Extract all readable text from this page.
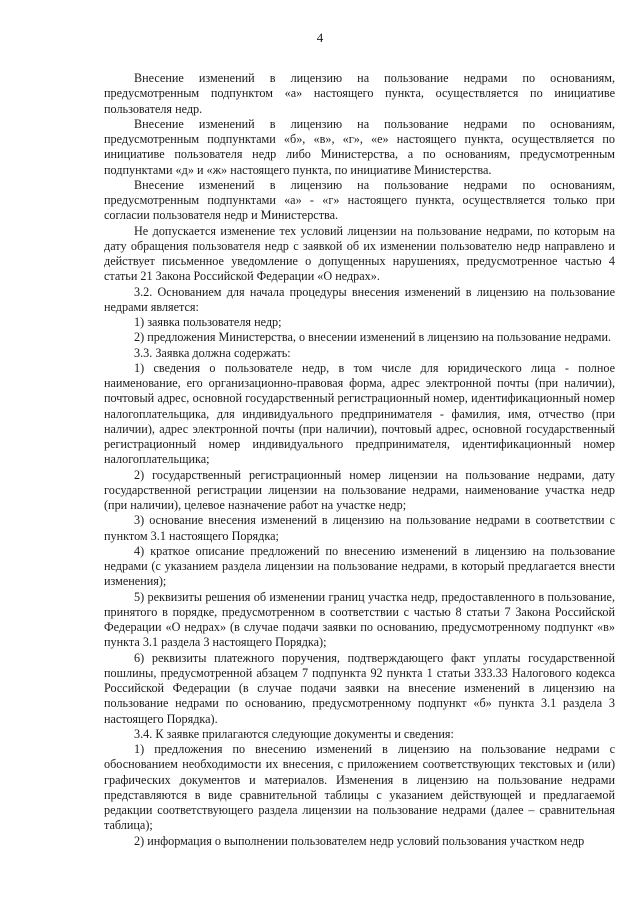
4

Внесение изменений в лицензию на пользование недрами по основаниям, предусмотренным подпунктом «а» настоящего пункта, осуществляется по инициативе пользователя недр.

Внесение изменений в лицензию на пользование недрами по основаниям, предусмотренным подпунктами «б», «в», «г», «е» настоящего пункта, осуществляется по инициативе пользователя недр либо Министерства, а по основаниям, предусмотренным подпунктами «д» и «ж» настоящего пункта, по инициативе Министерства.

Внесение изменений в лицензию на пользование недрами по основаниям, предусмотренным подпунктами «а» - «г» настоящего пункта, осуществляется только при согласии пользователя недр и Министерства.

Не допускается изменение тех условий лицензии на пользование недрами, по которым на дату обращения пользователя недр с заявкой об их изменении пользователю недр направлено и действует письменное уведомление о допущенных нарушениях, предусмотренное частью 4 статьи 21 Закона Российской Федерации «О недрах».

3.2. Основанием для начала процедуры внесения изменений в лицензию на пользование недрами является:

1) заявка пользователя недр;

2) предложения Министерства, о внесении изменений в лицензию на пользование недрами.

3.3. Заявка должна содержать:

1) сведения о пользователе недр, в том числе для юридического лица - полное наименование, его организационно-правовая форма, адрес электронной почты (при наличии), почтовый адрес, основной государственный регистрационный номер, идентификационный номер налогоплательщика, для индивидуального предпринимателя - фамилия, имя, отчество (при наличии), адрес электронной почты (при наличии), почтовый адрес, основной государственный регистрационный номер индивидуального предпринимателя, идентификационный номер налогоплательщика;

2) государственный регистрационный номер лицензии на пользование недрами, дату государственной регистрации лицензии на пользование недрами, наименование участка недр (при наличии), целевое назначение работ на участке недр;

3) основание внесения изменений в лицензию на пользование недрами в соответствии с пунктом 3.1 настоящего Порядка;

4) краткое описание предложений по внесению изменений в лицензию на пользование недрами (с указанием раздела лицензии на пользование недрами, в который предлагается внести изменения);

5) реквизиты решения об изменении границ участка недр, предоставленного в пользование, принятого в порядке, предусмотренном в соответствии с частью 8 статьи 7 Закона Российской Федерации «О недрах» (в случае подачи заявки по основанию, предусмотренному подпункт «в» пункта 3.1 раздела 3 настоящего Порядка);

6) реквизиты платежного поручения, подтверждающего факт уплаты государственной пошлины, предусмотренной абзацем 7 подпункта 92 пункта 1 статьи 333.33 Налогового кодекса Российской Федерации (в случае подачи заявки на внесение изменений в лицензию на пользование недрами по основанию, предусмотренному подпункт «б» пункта 3.1 раздела 3 настоящего Порядка).

3.4. К заявке прилагаются следующие документы и сведения:

1) предложения по внесению изменений в лицензию на пользование недрами с обоснованием необходимости их внесения, с приложением соответствующих текстовых и (или) графических документов и материалов. Изменения в лицензию на пользование недрами представляются в виде сравнительной таблицы с указанием действующей и предлагаемой редакции соответствующего раздела лицензии на пользование недрами (далее – сравнительная таблица);

2) информация о выполнении пользователем недр условий пользования участком недр
